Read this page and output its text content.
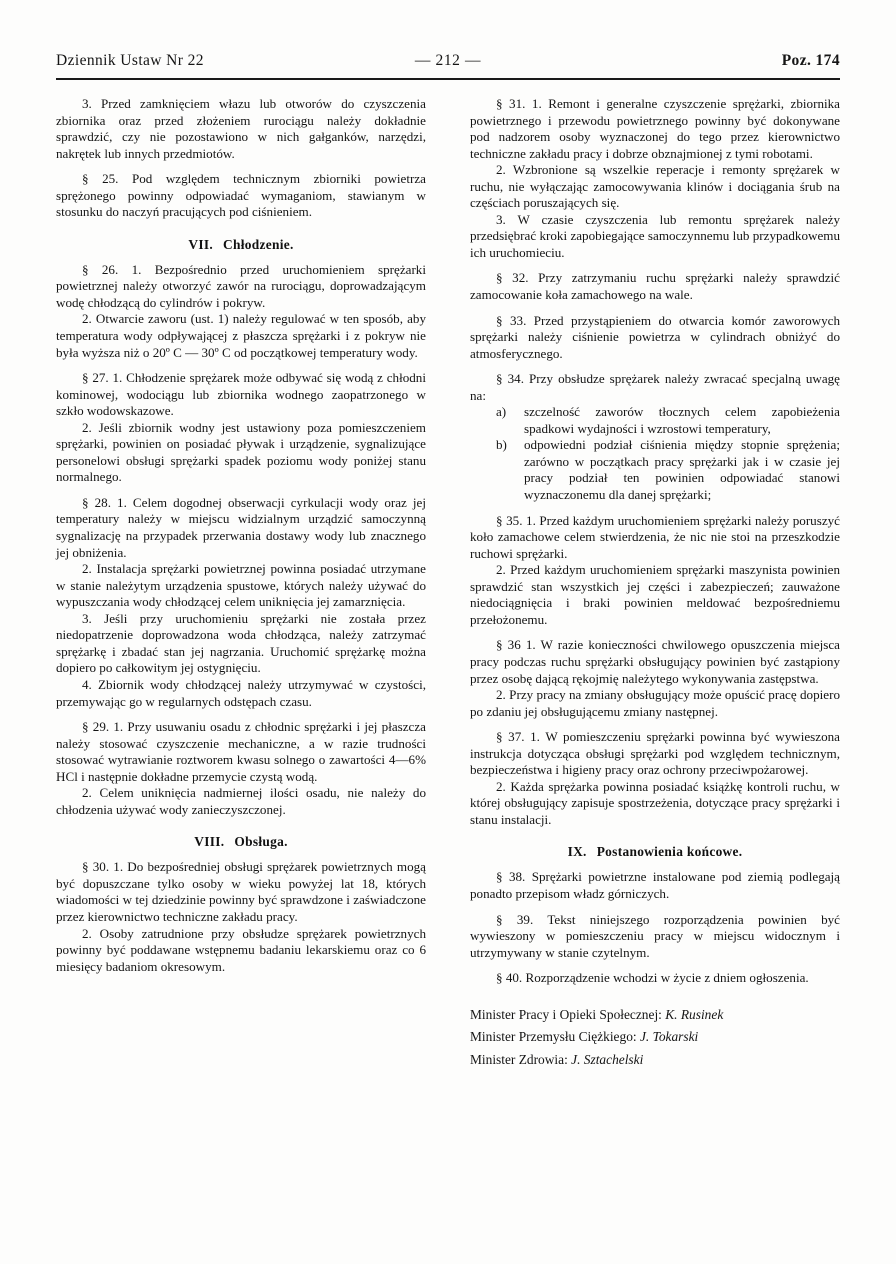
Dziennik Ustaw Nr 22	— 212 —	Poz. 174

3. Przed zamknięciem włazu lub otworów do czyszczenia zbiornika oraz przed złożeniem rurociągu należy dokładnie sprawdzić, czy nie pozostawiono w nich gałganków, narzędzi, nakrętek lub innych przedmiotów.

§ 25. Pod względem technicznym zbiorniki powietrza sprężonego powinny odpowiadać wymaganiom, stawianym w stosunku do naczyń pracujących pod ciśnieniem.

VII. Chłodzenie.

§ 26. 1. Bezpośrednio przed uruchomieniem sprężarki powietrznej należy otworzyć zawór na rurociągu, doprowadzającym wodę chłodzącą do cylindrów i pokryw.

2. Otwarcie zaworu (ust. 1) należy regulować w ten sposób, aby temperatura wody odpływającej z płaszcza sprężarki i z pokryw nie była wyższa niż o 20º C — 30º C od początkowej temperatury wody.

§ 27. 1. Chłodzenie sprężarek może odbywać się wodą z chłodni kominowej, wodociągu lub zbiornika wodnego zaopatrzonego w szkło wodowskazowe.

2. Jeśli zbiornik wodny jest ustawiony poza pomieszczeniem sprężarki, powinien on posiadać pływak i urządzenie, sygnalizujące personelowi obsługi sprężarki spadek poziomu wody poniżej stanu normalnego.

§ 28. 1. Celem dogodnej obserwacji cyrkulacji wody oraz jej temperatury należy w miejscu widzialnym urządzić samoczynną sygnalizację na przypadek przerwania dostawy wody lub znacznego jej obniżenia.

2. Instalacja sprężarki powietrznej powinna posiadać utrzymane w stanie należytym urządzenia spustowe, których należy używać do wypuszczania wody chłodzącej celem uniknięcia jej zamarznięcia.

3. Jeśli przy uruchomieniu sprężarki nie została przez niedopatrzenie doprowadzona woda chłodząca, należy zatrzymać sprężarkę i zbadać stan jej nagrzania. Uruchomić sprężarkę można dopiero po całkowitym jej ostygnięciu.

4. Zbiornik wody chłodzącej należy utrzymywać w czystości, przemywając go w regularnych odstępach czasu.

§ 29. 1. Przy usuwaniu osadu z chłodnic sprężarki i jej płaszcza należy stosować czyszczenie mechaniczne, a w razie trudności stosować wytrawianie roztworem kwasu solnego o zawartości 4—6% HCl i następnie dokładne przemycie czystą wodą.

2. Celem uniknięcia nadmiernej ilości osadu, nie należy do chłodzenia używać wody zanieczyszczonej.

VIII. Obsługa.

§ 30. 1. Do bezpośredniej obsługi sprężarek powietrznych mogą być dopuszczane tylko osoby w wieku powyżej lat 18, których wiadomości w tej dziedzinie powinny być sprawdzone i zaświadczone przez kierownictwo techniczne zakładu pracy.

2. Osoby zatrudnione przy obsłudze sprężarek powietrznych powinny być poddawane wstępnemu badaniu lekarskiemu oraz co 6 miesięcy badaniom okresowym.

§ 31. 1. Remont i generalne czyszczenie sprężarki, zbiornika powietrznego i przewodu powietrznego powinny być dokonywane pod nadzorem osoby wyznaczonej do tego przez kierownictwo techniczne zakładu pracy i dobrze obznajmionej z tymi robotami.

2. Wzbronione są wszelkie reperacje i remonty sprężarek w ruchu, nie wyłączając zamocowywania klinów i dociągania śrub na częściach poruszających się.

3. W czasie czyszczenia lub remontu sprężarek należy przedsiębrać kroki zapobiegające samoczynnemu lub przypadkowemu ich uruchomieciu.

§ 32. Przy zatrzymaniu ruchu sprężarki należy sprawdzić zamocowanie koła zamachowego na wale.

§ 33. Przed przystąpieniem do otwarcia komór zaworowych sprężarki należy ciśnienie powietrza w cylindrach obniżyć do atmosferycznego.

§ 34. Przy obsłudze sprężarek należy zwracać specjalną uwagę na:

a) szczelność zaworów tłocznych celem zapobieżenia spadkowi wydajności i wzrostowi temperatury,
b) odpowiedni podział ciśnienia między stopnie sprężenia; zarówno w początkach pracy sprężarki jak i w czasie jej pracy podział ten powinien odpowiadać stanowi wyznaczonemu dla danej sprężarki;

§ 35. 1. Przed każdym uruchomieniem sprężarki należy poruszyć koło zamachowe celem stwierdzenia, że nic nie stoi na przeszkodzie ruchowi sprężarki.

2. Przed każdym uruchomieniem sprężarki maszynista powinien sprawdzić stan wszystkich jej części i zabezpieczeń; zauważone niedociągnięcia i braki powinien meldować bezpośredniemu przełożonemu.

§ 36 1. W razie konieczności chwilowego opuszczenia miejsca pracy podczas ruchu sprężarki obsługujący powinien być zastąpiony przez osobę dającą rękojmię należytego wykonywania zastępstwa.

2. Przy pracy na zmiany obsługujący może opuścić pracę dopiero po zdaniu jej obsługującemu zmiany następnej.

§ 37. 1. W pomieszczeniu sprężarki powinna być wywieszona instrukcja dotycząca obsługi sprężarki pod względem technicznym, bezpieczeństwa i higieny pracy oraz ochrony przeciwpożarowej.

2. Każda sprężarka powinna posiadać książkę kontroli ruchu, w której obsługujący zapisuje spostrzeżenia, dotyczące pracy sprężarki i stanu instalacji.

IX. Postanowienia końcowe.

§ 38. Sprężarki powietrzne instalowane pod ziemią podlegają ponadto przepisom władz górniczych.

§ 39. Tekst niniejszego rozporządzenia powinien być wywieszony w pomieszczeniu pracy w miejscu widocznym i utrzymywany w stanie czytelnym.

§ 40. Rozporządzenie wchodzi w życie z dniem ogłoszenia.

Minister Pracy i Opieki Społecznej: K. Rusinek
Minister Przemysłu Ciężkiego: J. Tokarski
Minister Zdrowia: J. Sztachelski
